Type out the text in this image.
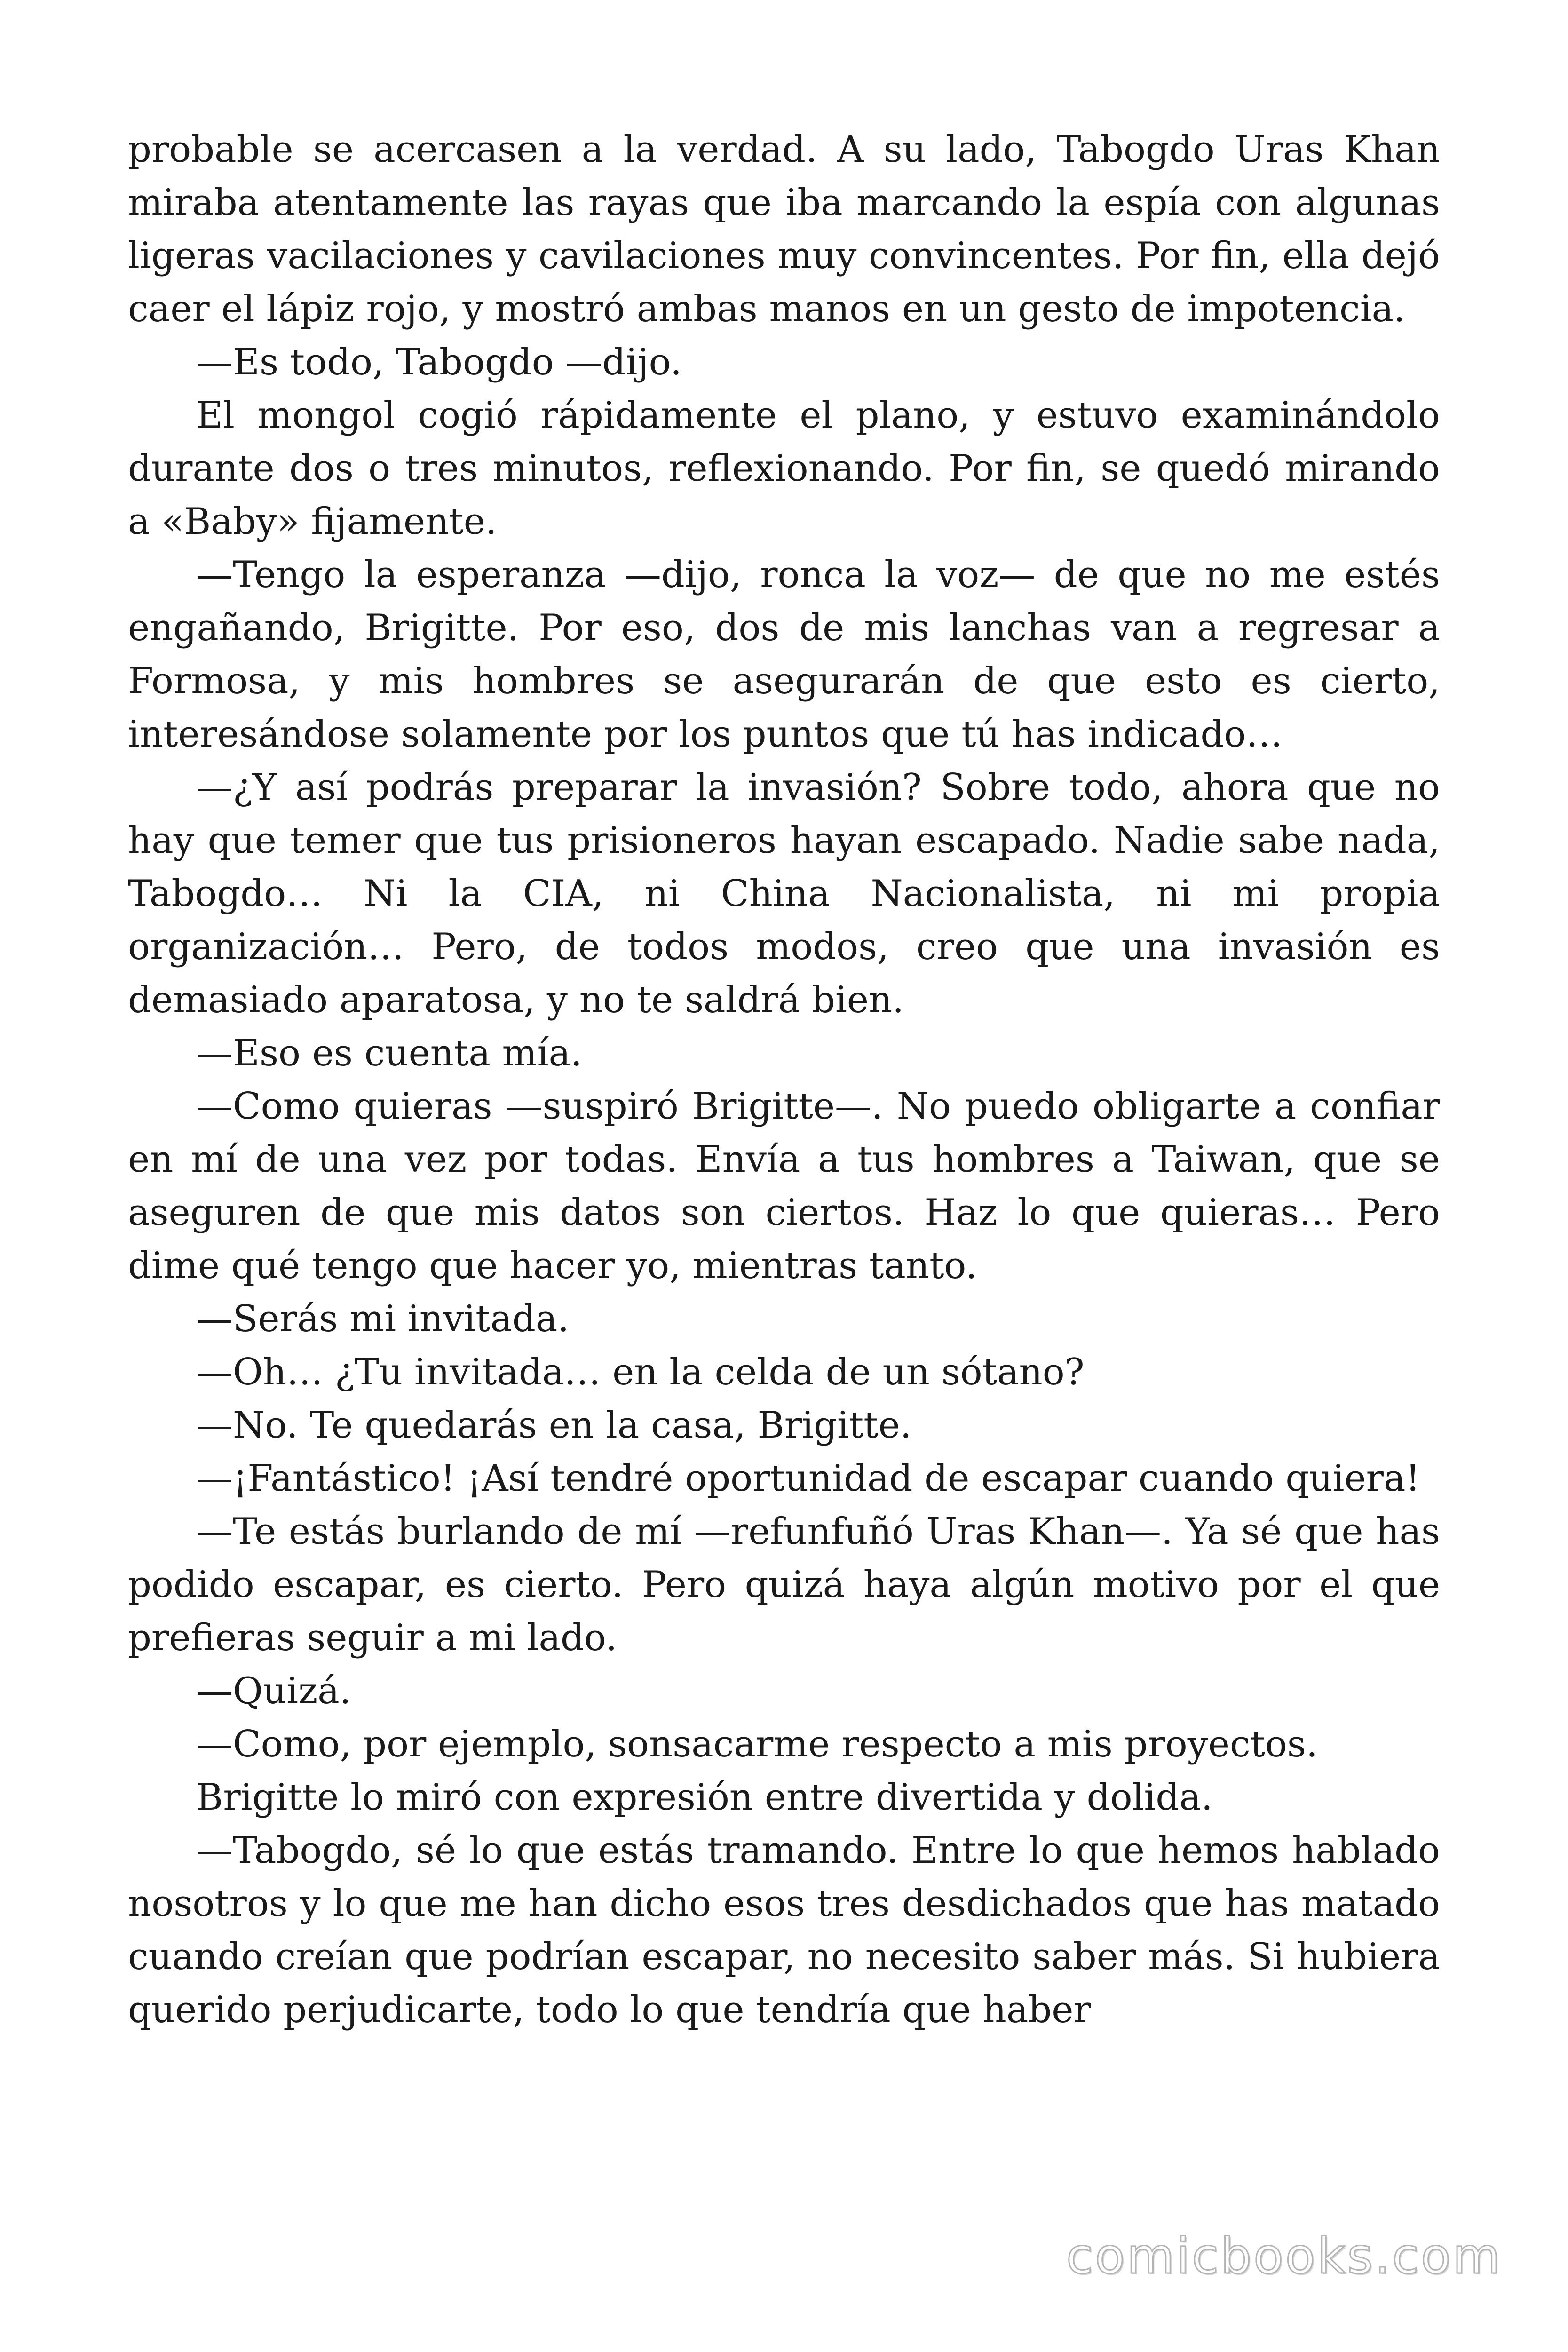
probable se acercasen a la verdad. A su lado, Tabogdo Uras Khan miraba atentamente las rayas que iba marcando la espía con algunas ligeras vacilaciones y cavilaciones muy convincentes. Por fin, ella dejó caer el lápiz rojo, y mostró ambas manos en un gesto de impotencia.

—Es todo, Tabogdo —dijo.

El mongol cogió rápidamente el plano, y estuvo examinándolo durante dos o tres minutos, reflexionando. Por fin, se quedó mirando a «Baby» fijamente.

—Tengo la esperanza —dijo, ronca la voz— de que no me estés engañando, Brigitte. Por eso, dos de mis lanchas van a regresar a Formosa, y mis hombres se asegurarán de que esto es cierto, interesándose solamente por los puntos que tú has indicado…

—¿Y así podrás preparar la invasión? Sobre todo, ahora que no hay que temer que tus prisioneros hayan escapado. Nadie sabe nada, Tabogdo… Ni la CIA, ni China Nacionalista, ni mi propia organización… Pero, de todos modos, creo que una invasión es demasiado aparatosa, y no te saldrá bien.

—Eso es cuenta mía.

—Como quieras —suspiró Brigitte—. No puedo obligarte a confiar en mí de una vez por todas. Envía a tus hombres a Taiwan, que se aseguren de que mis datos son ciertos. Haz lo que quieras… Pero dime qué tengo que hacer yo, mientras tanto.

—Serás mi invitada.

—Oh… ¿Tu invitada… en la celda de un sótano?

—No. Te quedarás en la casa, Brigitte.

—¡Fantástico! ¡Así tendré oportunidad de escapar cuando quiera!

—Te estás burlando de mí —refunfuñó Uras Khan—. Ya sé que has podido escapar, es cierto. Pero quizá haya algún motivo por el que prefieras seguir a mi lado.

—Quizá.

—Como, por ejemplo, sonsacarme respecto a mis proyectos.

Brigitte lo miró con expresión entre divertida y dolida.

—Tabogdo, sé lo que estás tramando. Entre lo que hemos hablado nosotros y lo que me han dicho esos tres desdichados que has matado cuando creían que podrían escapar, no necesito saber más. Si hubiera querido perjudicarte, todo lo que tendría que haber

comicbooks.com
